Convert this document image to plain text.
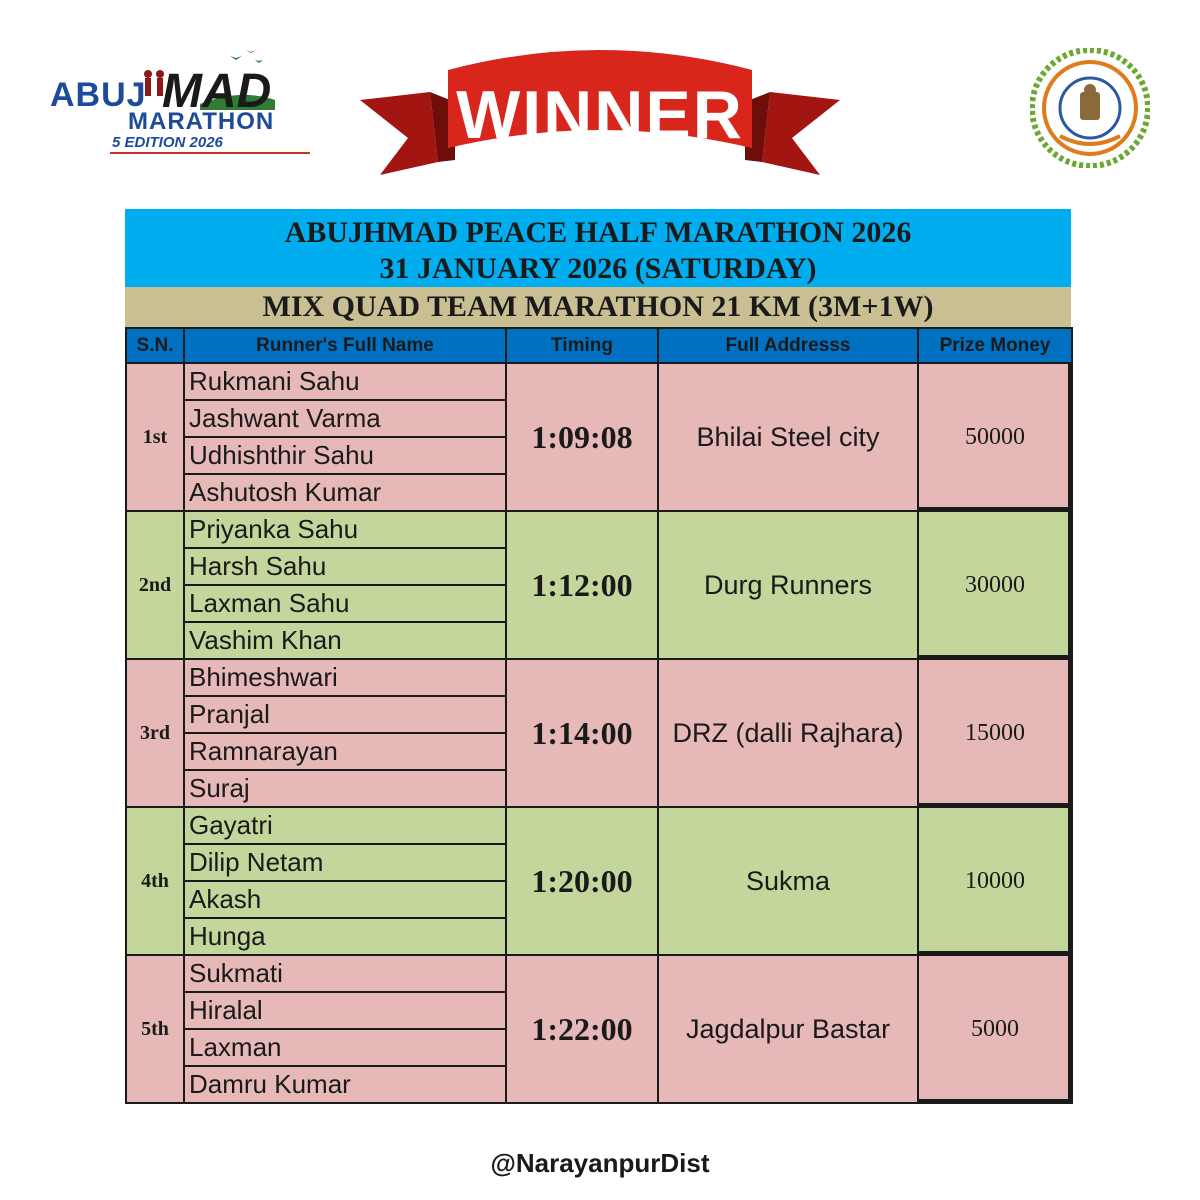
ABUJ MAD
MARATHON
5 EDITION 2026	WINNER
ABUJHMAD PEACE HALF MARATHON 2026
31 JANUARY 2026 (SATURDAY)
MIX QUAD TEAM MARATHON 21 KM (3M+1W)
S.N.	Runner's Full Name	Timing	Full Addresss	Prize Money
1st	Rukmani Sahu	1:09:08	Bhilai Steel city	50000
	Jashwant Varma			
	Udhishthir Sahu			
	Ashutosh Kumar			
2nd	Priyanka Sahu	1:12:00	Durg Runners	30000
	Harsh Sahu			
	Laxman Sahu			
	Vashim Khan			
3rd	Bhimeshwari	1:14:00	DRZ (dalli Rajhara)	15000
	Pranjal			
	Ramnarayan			
	Suraj			
4th	Gayatri	1:20:00	Sukma	10000
	Dilip Netam			
	Akash			
	Hunga			
5th	Sukmati	1:22:00	Jagdalpur Bastar	5000
	Hiralal			
	Laxman			
	Damru Kumar			
@NarayanpurDist
